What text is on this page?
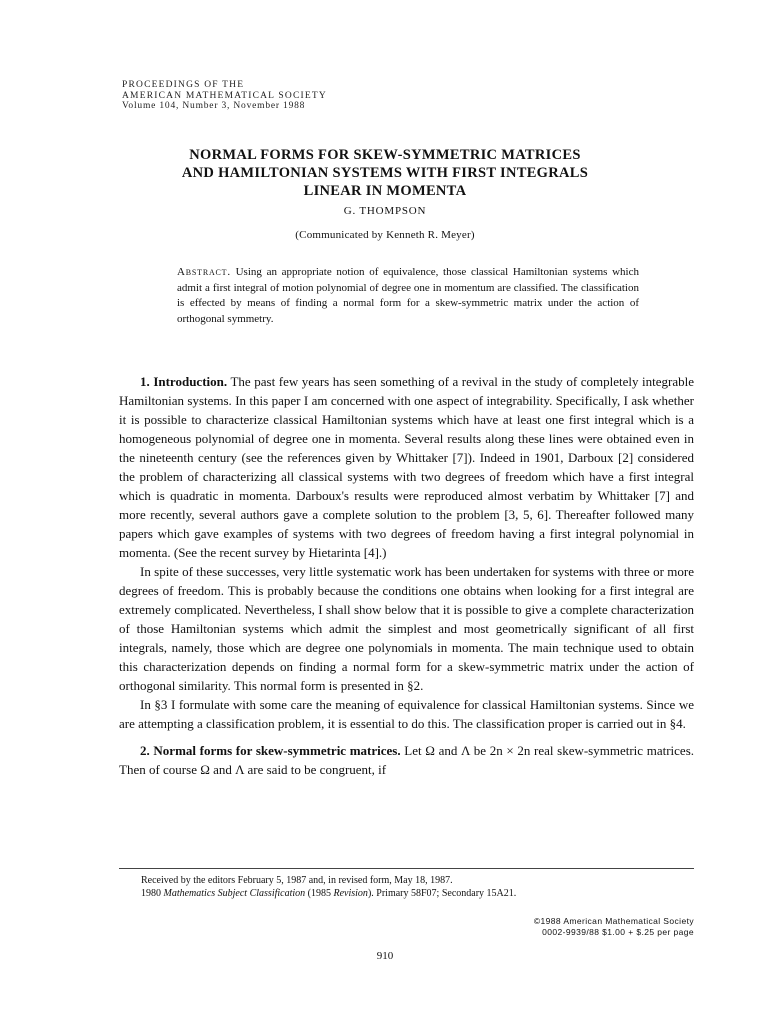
PROCEEDINGS OF THE
AMERICAN MATHEMATICAL SOCIETY
Volume 104, Number 3, November 1988
NORMAL FORMS FOR SKEW-SYMMETRIC MATRICES
AND HAMILTONIAN SYSTEMS WITH FIRST INTEGRALS
LINEAR IN MOMENTA
G. THOMPSON
(Communicated by Kenneth R. Meyer)
Abstract. Using an appropriate notion of equivalence, those classical Hamiltonian systems which admit a first integral of motion polynomial of degree one in momentum are classified. The classification is effected by means of finding a normal form for a skew-symmetric matrix under the action of orthogonal symmetry.

1. Introduction. The past few years has seen something of a revival in the study of completely integrable Hamiltonian systems. In this paper I am concerned with one aspect of integrability. Specifically, I ask whether it is possible to characterize classical Hamiltonian systems which have at least one first integral which is a homogeneous polynomial of degree one in momenta. Several results along these lines were obtained even in the nineteenth century (see the references given by Whittaker [7]). Indeed in 1901, Darboux [2] considered the problem of characterizing all classical systems with two degrees of freedom which have a first integral which is quadratic in momenta. Darboux's results were reproduced almost verbatim by Whittaker [7] and more recently, several authors gave a complete solution to the problem [3, 5, 6]. Thereafter followed many papers which gave examples of systems with two degrees of freedom having a first integral polynomial in momenta. (See the recent survey by Hietarinta [4].)

In spite of these successes, very little systematic work has been undertaken for systems with three or more degrees of freedom. This is probably because the conditions one obtains when looking for a first integral are extremely complicated. Nevertheless, I shall show below that it is possible to give a complete characterization of those Hamiltonian systems which admit the simplest and most geometrically significant of all first integrals, namely, those which are degree one polynomials in momenta. The main technique used to obtain this characterization depends on finding a normal form for a skew-symmetric matrix under the action of orthogonal similarity. This normal form is presented in §2.

In §3 I formulate with some care the meaning of equivalence for classical Hamiltonian systems. Since we are attempting a classification problem, it is essential to do this. The classification proper is carried out in §4.

2. Normal forms for skew-symmetric matrices. Let Ω and Λ be 2n × 2n real skew-symmetric matrices. Then of course Ω and Λ are said to be congruent, if

Received by the editors February 5, 1987 and, in revised form, May 18, 1987.
1980 Mathematics Subject Classification (1985 Revision). Primary 58F07; Secondary 15A21.
©1988 American Mathematical Society
0002-9939/88 $1.00 + $.25 per page
910
